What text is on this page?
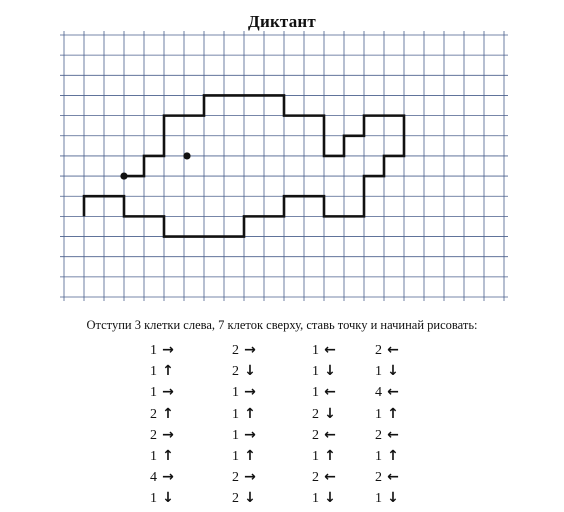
Диктант
Отступи 3 клетки слева, 7 клеток сверху, ставь точку и начинай рисовать:
1 →
1 ↑
1 →
2 ↑
2 →
1 ↑
4 →
1 ↓
2 →
2 ↓
1 →
1 ↑
1 →
1 ↑
2 →
2 ↓
1 ←
1 ↓
1 ←
2 ↓
2 ←
1 ↑
2 ←
1 ↓
2 ←
1 ↓
4 ←
1 ↑
2 ←
1 ↑
2 ←
1 ↓
